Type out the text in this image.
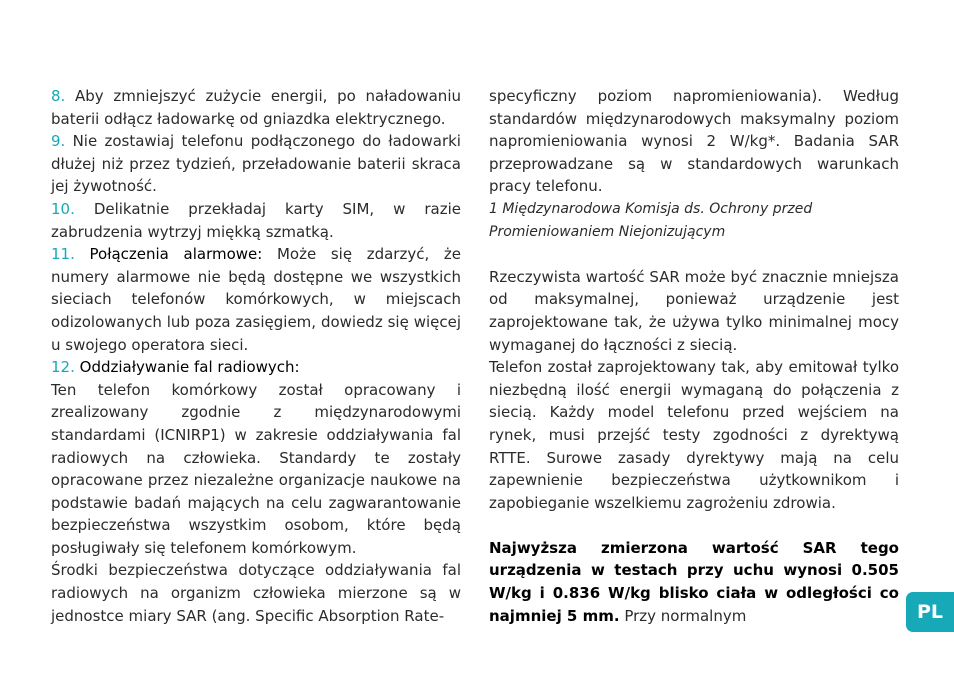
8. Aby zmniejszyć zużycie energii, po naładowaniu baterii odłącz ładowarkę od gniazdka elektrycznego.

9. Nie zostawiaj telefonu podłączonego do ładowarki dłużej niż przez tydzień, przeładowanie baterii skraca jej żywotność.

10. Delikatnie przekładaj karty SIM, w razie zabrudzenia wytrzyj miękką szmatką.

11. Połączenia alarmowe: Może się zdarzyć, że numery alarmowe nie będą dostępne we wszystkich sieciach telefonów komórkowych, w miejscach odizolowanych lub poza zasięgiem, dowiedz się więcej u swojego operatora sieci.

12. Oddziaływanie fal radiowych:

Ten telefon komórkowy został opracowany i zrealizowany zgodnie z międzynarodowymi standardami (ICNIRP1) w zakresie oddziaływania fal radiowych na człowieka. Standardy te zostały opracowane przez niezależne organizacje naukowe na podstawie badań mających na celu zagwarantowanie bezpieczeństwa wszystkim osobom, które będą posługiwały się telefonem komórkowym.

Środki bezpieczeństwa dotyczące oddziaływania fal radiowych na organizm człowieka mierzone są w jednostce miary SAR (ang. Specific Absorption Rate-

specyficzny poziom napromieniowania). Według standardów międzynarodowych maksymalny poziom napromieniowania wynosi 2 W/kg*. Badania SAR przeprowadzane są w standardowych warunkach pracy telefonu.

1 Międzynarodowa Komisja ds. Ochrony przed Promieniowaniem Niejonizującym

Rzeczywista wartość SAR może być znacznie mniejsza od maksymalnej, ponieważ urządzenie jest zaprojektowane tak, że używa tylko minimalnej mocy wymaganej do łączności z siecią.

Telefon został zaprojektowany tak, aby emitował tylko niezbędną ilość energii wymaganą do połączenia z siecią. Każdy model telefonu przed wejściem na rynek, musi przejść testy zgodności z dyrektywą RTTE. Surowe zasady dyrektywy mają na celu zapewnienie bezpieczeństwa użytkownikom i zapobieganie wszelkiemu zagrożeniu zdrowia.

Najwyższa zmierzona wartość SAR tego urządzenia w testach przy uchu wynosi 0.505 W/kg i 0.836 W/kg blisko ciała w odległości co najmniej 5 mm. Przy normalnym	PL
